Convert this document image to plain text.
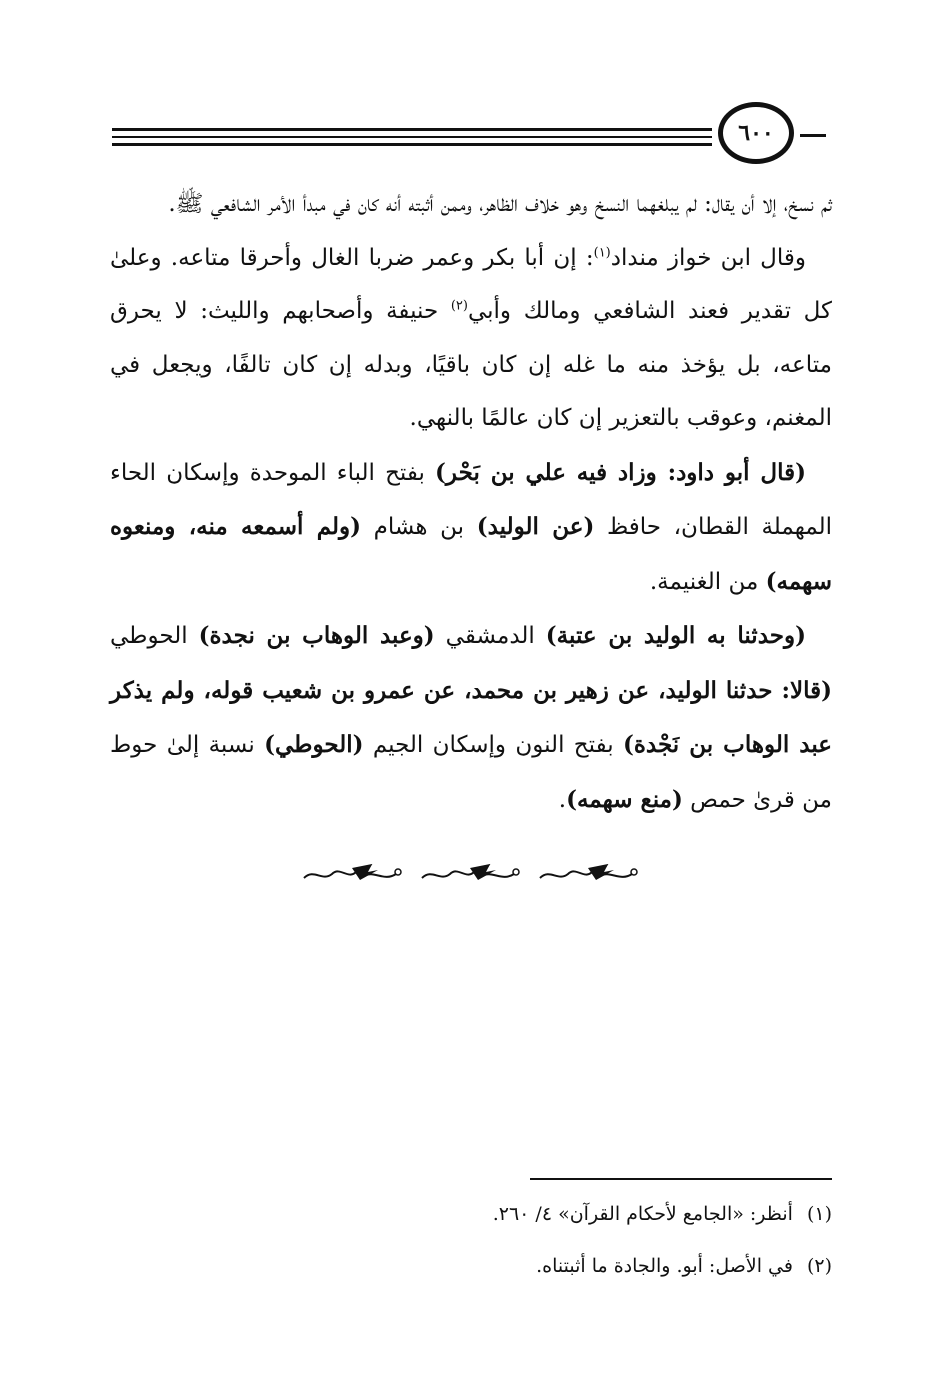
٦٠٠

ثم نسخ، إلا أن يقال: لم يبلغهما النسخ وهو خلاف الظاهر، وممن أثبته أنه كان في مبدأ الأمر الشافعي ﷺ.

وقال ابن خواز منداد$^{(١)}$: إن أبا بكر وعمر ضربا الغال وأحرقا متاعه. وعلىٰ كل تقدير فعند الشافعي ومالك وأبي$^{(٢)}$ حنيفة وأصحابهم والليث: لا يحرق متاعه، بل يؤخذ منه ما غله إن كان باقيًا، وبدله إن كان تالفًا، ويجعل في المغنم، وعوقب بالتعزير إن كان عالمًا بالنهي.

(قال أبو داود: وزاد فيه علي بن بَحْر) بفتح الباء الموحدة وإسكان الحاء المهملة القطان، حافظ (عن الوليد) بن هشام (ولم أسمعه منه، ومنعوه سهمه) من الغنيمة.

(وحدثنا به الوليد بن عتبة) الدمشقي (وعبد الوهاب بن نجدة) الحوطي (قالا: حدثنا الوليد، عن زهير بن محمد، عن عمرو بن شعيب قوله، ولم يذكر عبد الوهاب بن نَجْدة) بفتح النون وإسكان الجيم (الحوطي) نسبة إلىٰ حوط من قرىٰ حمص (منع سهمه).

(١)أنظر: «الجامع لأحكام القرآن» ٤/ ٢٦٠.

(٢)في الأصل: أبو. والجادة ما أثبتناه.
